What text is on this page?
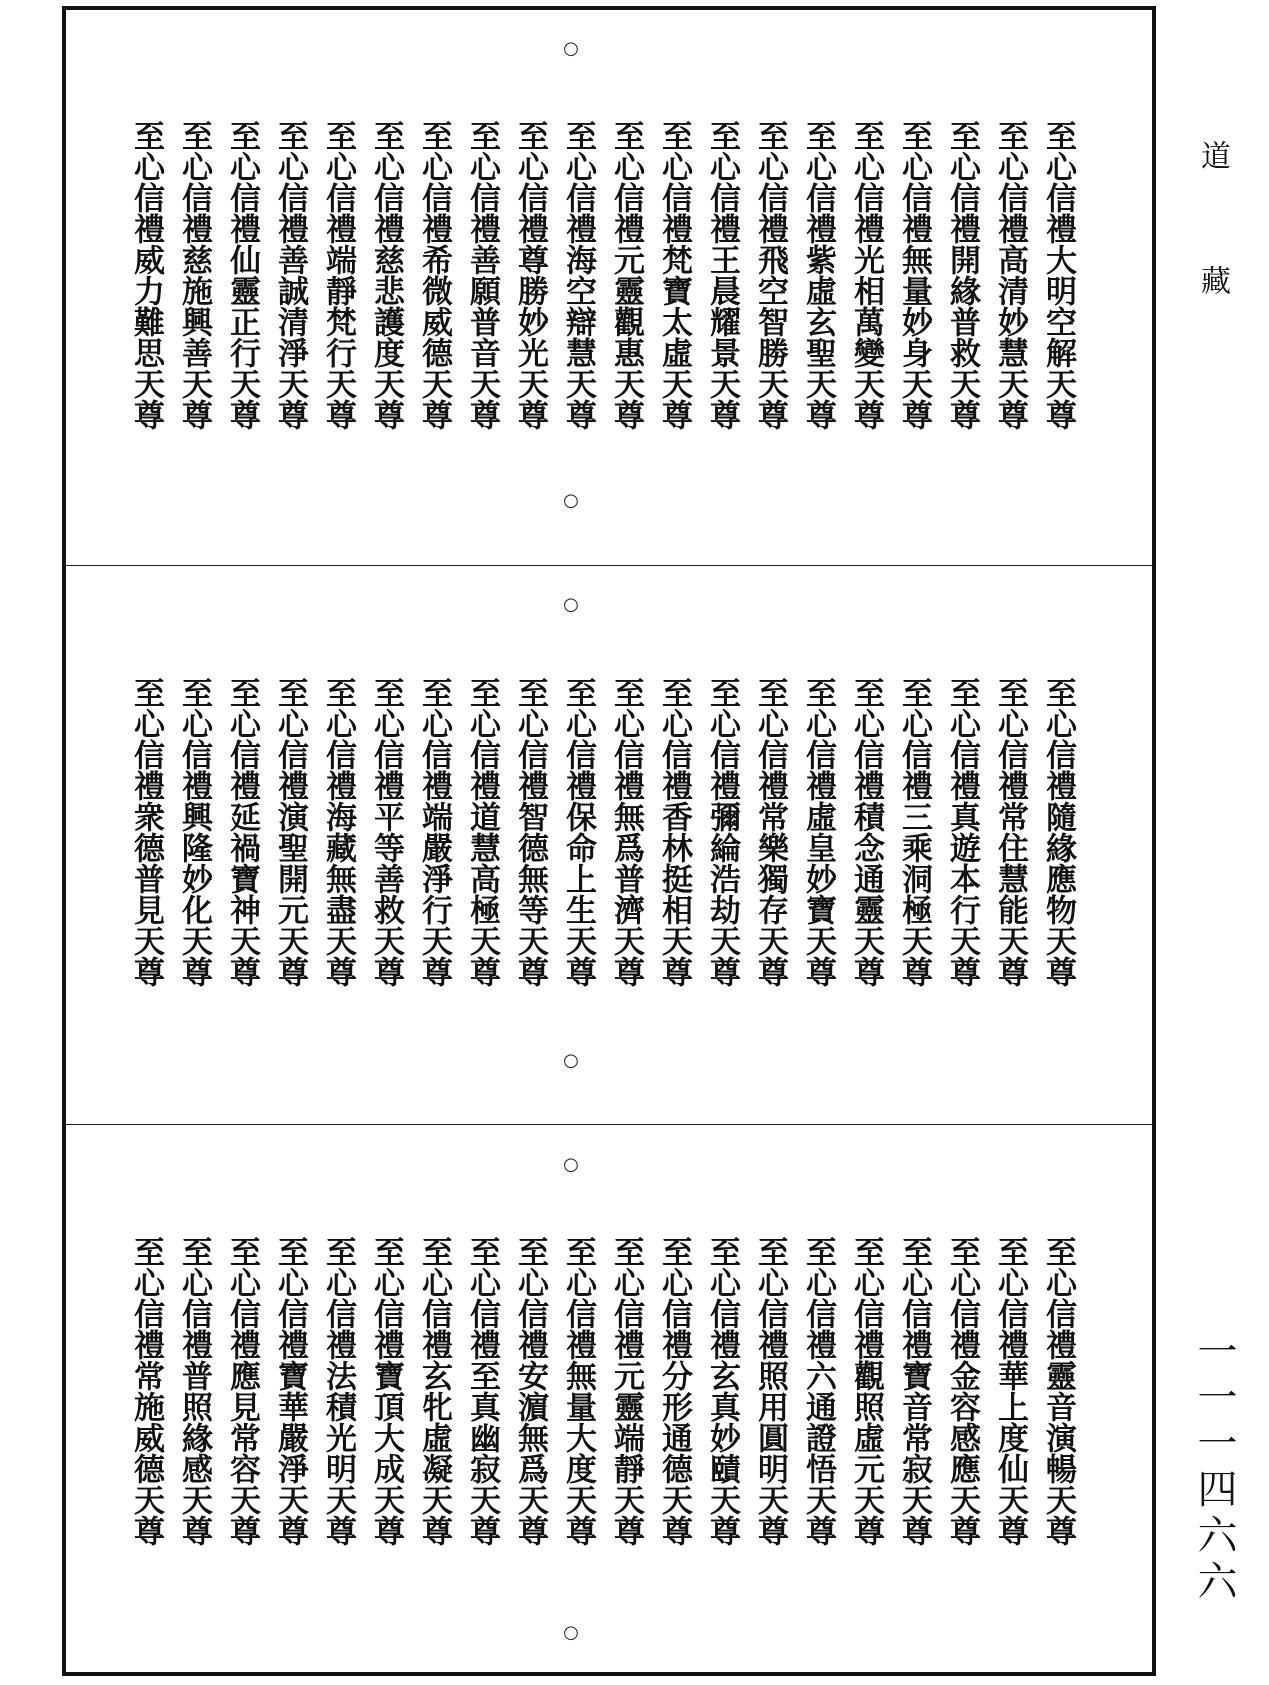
○
○
○
○
○
○
至心信禮大明空解天尊
至心信禮高清妙慧天尊
至心信禮開緣普救天尊
至心信禮無量妙身天尊
至心信禮光相萬變天尊
至心信禮紫虛玄聖天尊
至心信禮飛空智勝天尊
至心信禮王晨耀景天尊
至心信禮梵寶太虛天尊
至心信禮元靈觀惠天尊
至心信禮海空辯慧天尊
至心信禮尊勝妙光天尊
至心信禮善願普音天尊
至心信禮希微威德天尊
至心信禮慈悲護度天尊
至心信禮端靜梵行天尊
至心信禮善誠清淨天尊
至心信禮仙靈正行天尊
至心信禮慈施興善天尊
至心信禮威力難思天尊
至心信禮隨緣應物天尊
至心信禮常住慧能天尊
至心信禮真遊本行天尊
至心信禮三乘洞極天尊
至心信禮積念通靈天尊
至心信禮虛皇妙寶天尊
至心信禮常樂獨存天尊
至心信禮彌綸浩劫天尊
至心信禮香林挺相天尊
至心信禮無爲普濟天尊
至心信禮保命上生天尊
至心信禮智德無等天尊
至心信禮道慧高極天尊
至心信禮端嚴淨行天尊
至心信禮平等善救天尊
至心信禮海藏無盡天尊
至心信禮演聖開元天尊
至心信禮延禍寶神天尊
至心信禮興隆妙化天尊
至心信禮衆德普見天尊
至心信禮靈音演暢天尊
至心信禮華上度仙天尊
至心信禮金容感應天尊
至心信禮寶音常寂天尊
至心信禮觀照虛元天尊
至心信禮六通證悟天尊
至心信禮照用圓明天尊
至心信禮玄真妙賾天尊
至心信禮分形通德天尊
至心信禮元靈端靜天尊
至心信禮無量大度天尊
至心信禮安濵無爲天尊
至心信禮至真幽寂天尊
至心信禮玄牝虛凝天尊
至心信禮寶頂大成天尊
至心信禮法積光明天尊
至心信禮寶華嚴淨天尊
至心信禮應見常容天尊
至心信禮普照緣感天尊
至心信禮常施威德天尊
道
藏
一一一四六六
